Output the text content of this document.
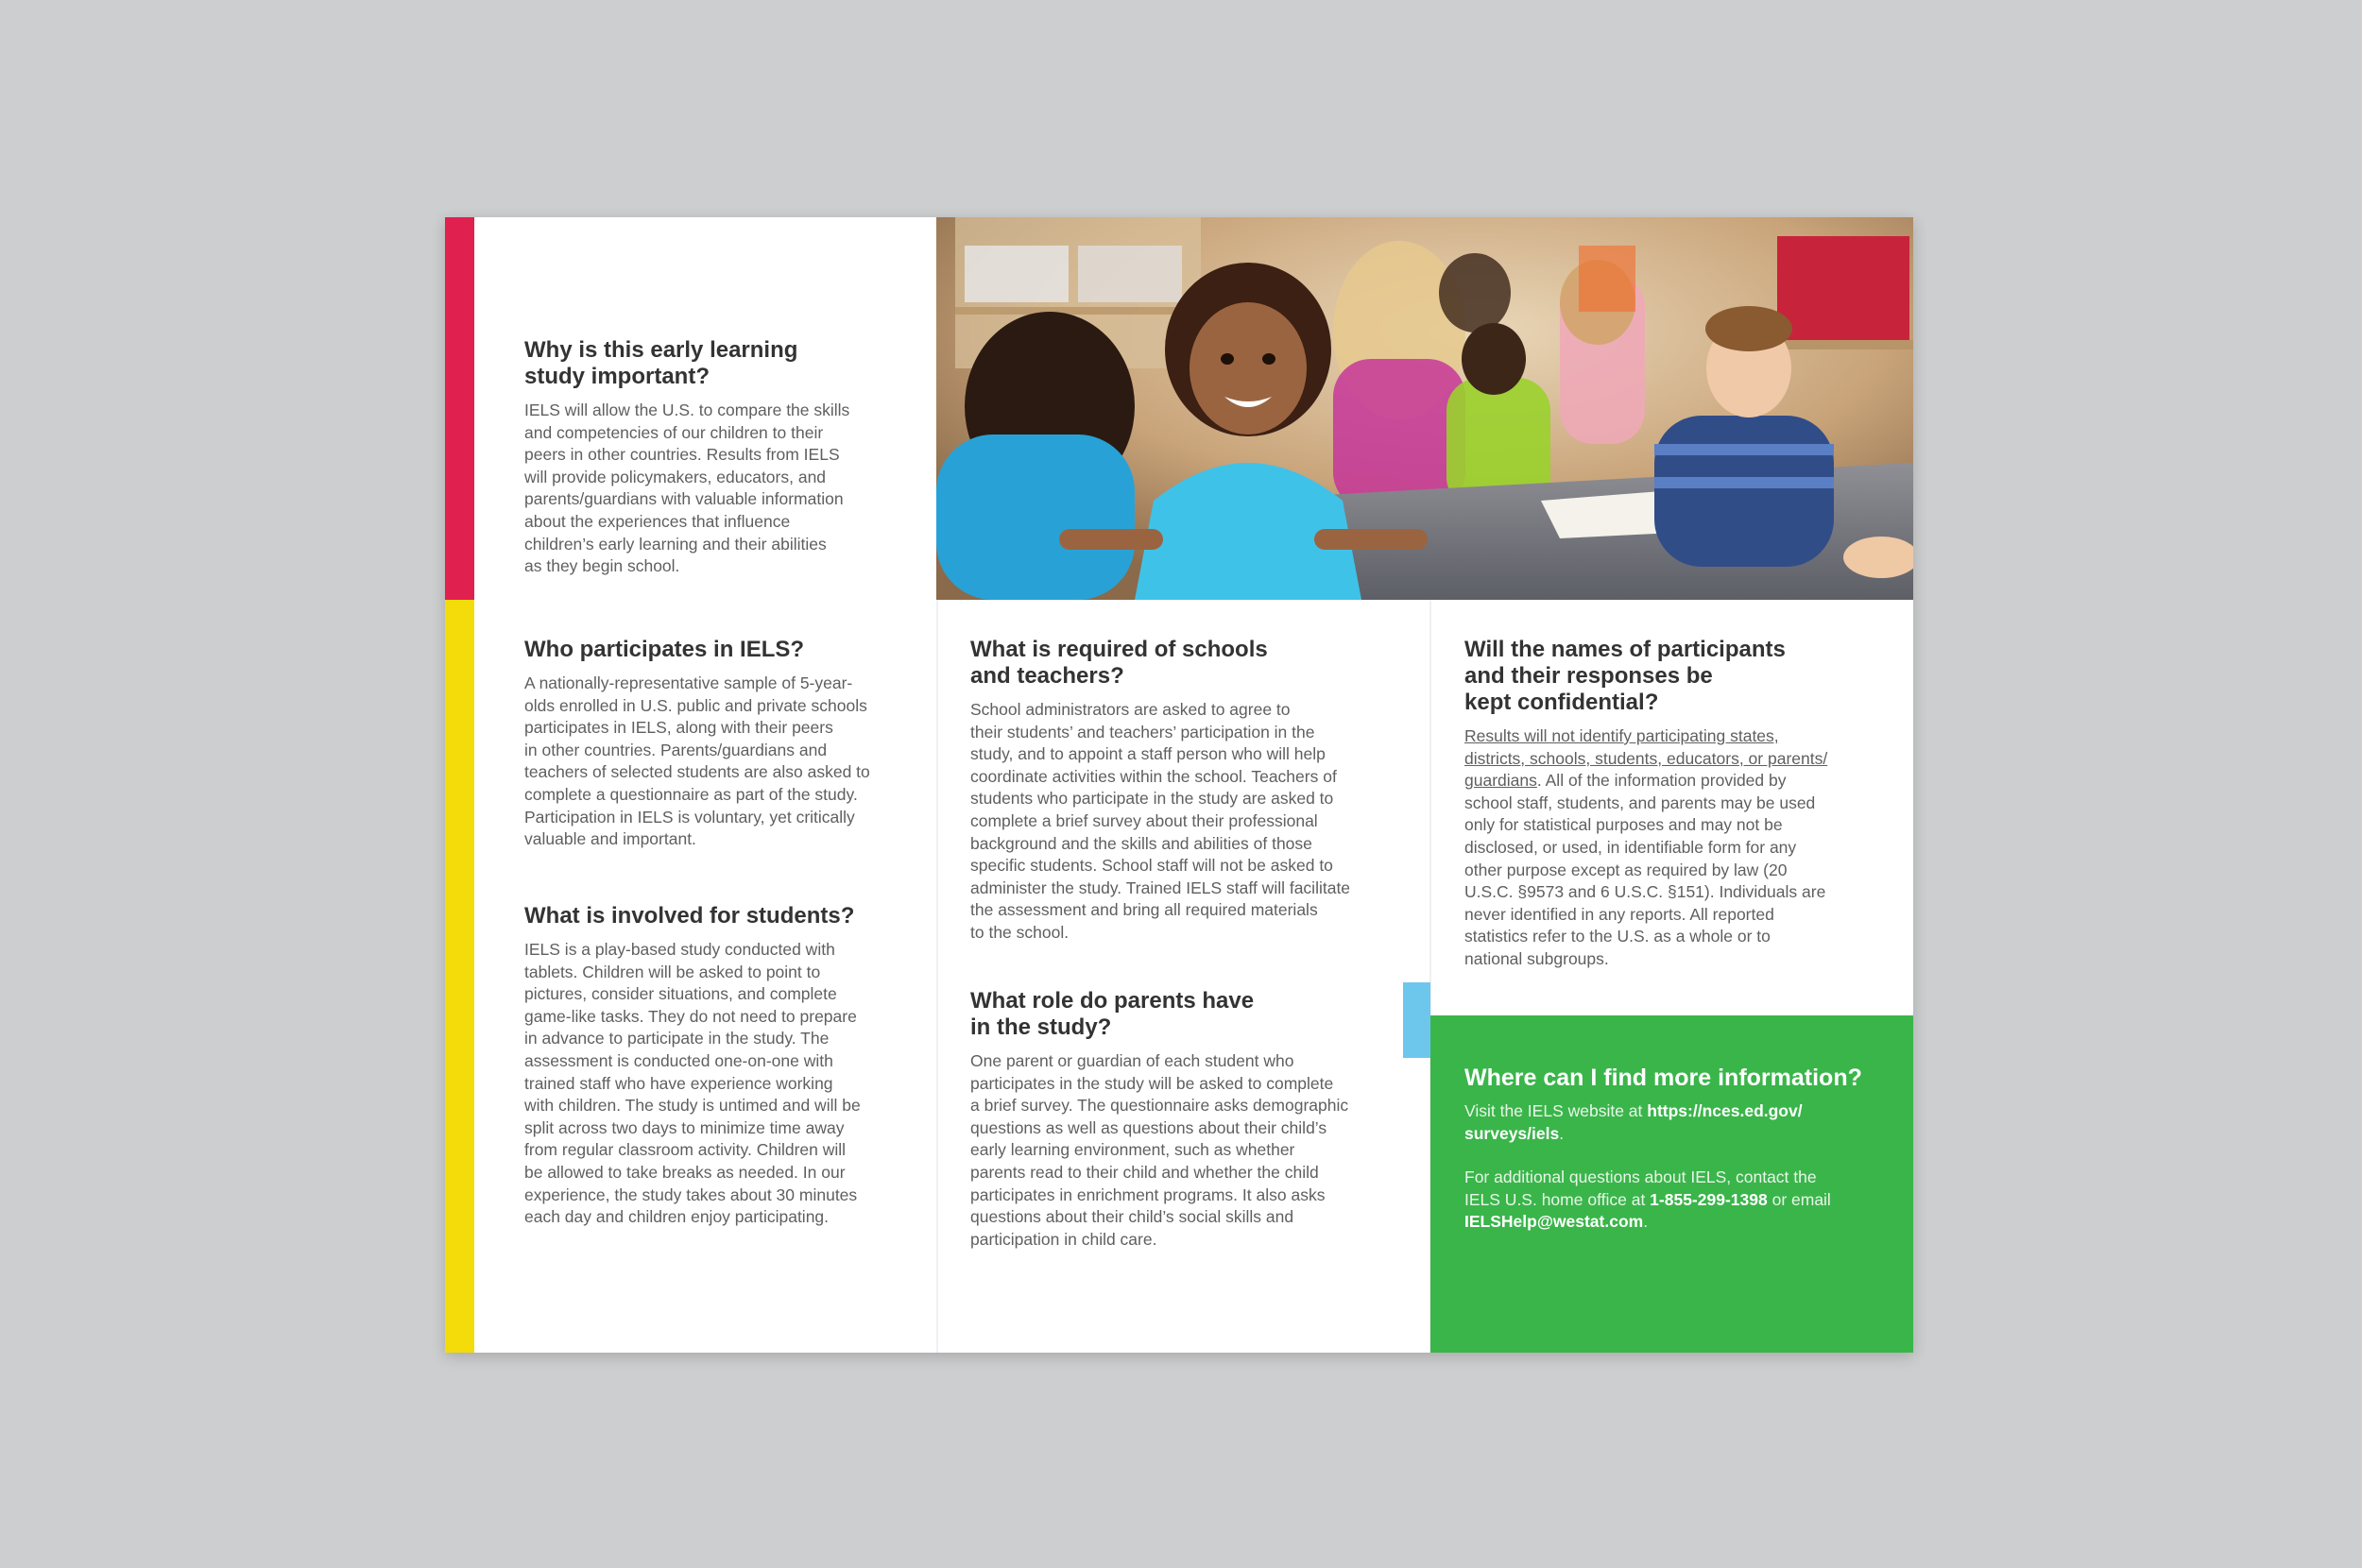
Why is this early learning
study important?

IELS will allow the U.S. to compare the skills
and competencies of our children to their
peers in other countries. Results from IELS
will provide policymakers, educators, and
parents/guardians with valuable information
about the experiences that influence
children’s early learning and their abilities
as they begin school.

Who participates in IELS?

A nationally-representative sample of 5-year-
olds enrolled in U.S. public and private schools
participates in IELS, along with their peers
in other countries. Parents/guardians and
teachers of selected students are also asked to
complete a questionnaire as part of the study.
Participation in IELS is voluntary, yet critically
valuable and important.

What is involved for students?

IELS is a play-based study conducted with
tablets. Children will be asked to point to
pictures, consider situations, and complete
game-like tasks. They do not need to prepare
in advance to participate in the study. The
assessment is conducted one-on-one with
trained staff who have experience working
with children. The study is untimed and will be
split across two days to minimize time away
from regular classroom activity. Children will
be allowed to take breaks as needed. In our
experience, the study takes about 30 minutes
each day and children enjoy participating.

What is required of schools
and teachers?

School administrators are asked to agree to
their students’ and teachers’ participation in the
study, and to appoint a staff person who will help
coordinate activities within the school. Teachers of
students who participate in the study are asked to
complete a brief survey about their professional
background and the skills and abilities of those
specific students. School staff will not be asked to
administer the study. Trained IELS staff will facilitate
the assessment and bring all required materials
to the school.

What role do parents have
in the study?

One parent or guardian of each student who
participates in the study will be asked to complete
a brief survey. The questionnaire asks demographic
questions as well as questions about their child’s
early learning environment, such as whether
parents read to their child and whether the child
participates in enrichment programs. It also asks
questions about their child’s social skills and
participation in child care.

Will the names of participants
and their responses be
kept confidential?

Results will not identify participating states,
districts, schools, students, educators, or parents/
guardians. All of the information provided by
school staff, students, and parents may be used
only for statistical purposes and may not be
disclosed, or used, in identifiable form for any
other purpose except as required by law (20
U.S.C. §9573 and 6 U.S.C. §151). Individuals are
never identified in any reports. All reported
statistics refer to the U.S. as a whole or to
national subgroups.

Where can I find more information?

Visit the IELS website at https://nces.ed.gov/
surveys/iels.

For additional questions about IELS, contact the
IELS U.S. home office at 1-855-299-1398 or email
IELSHelp@westat.com.
